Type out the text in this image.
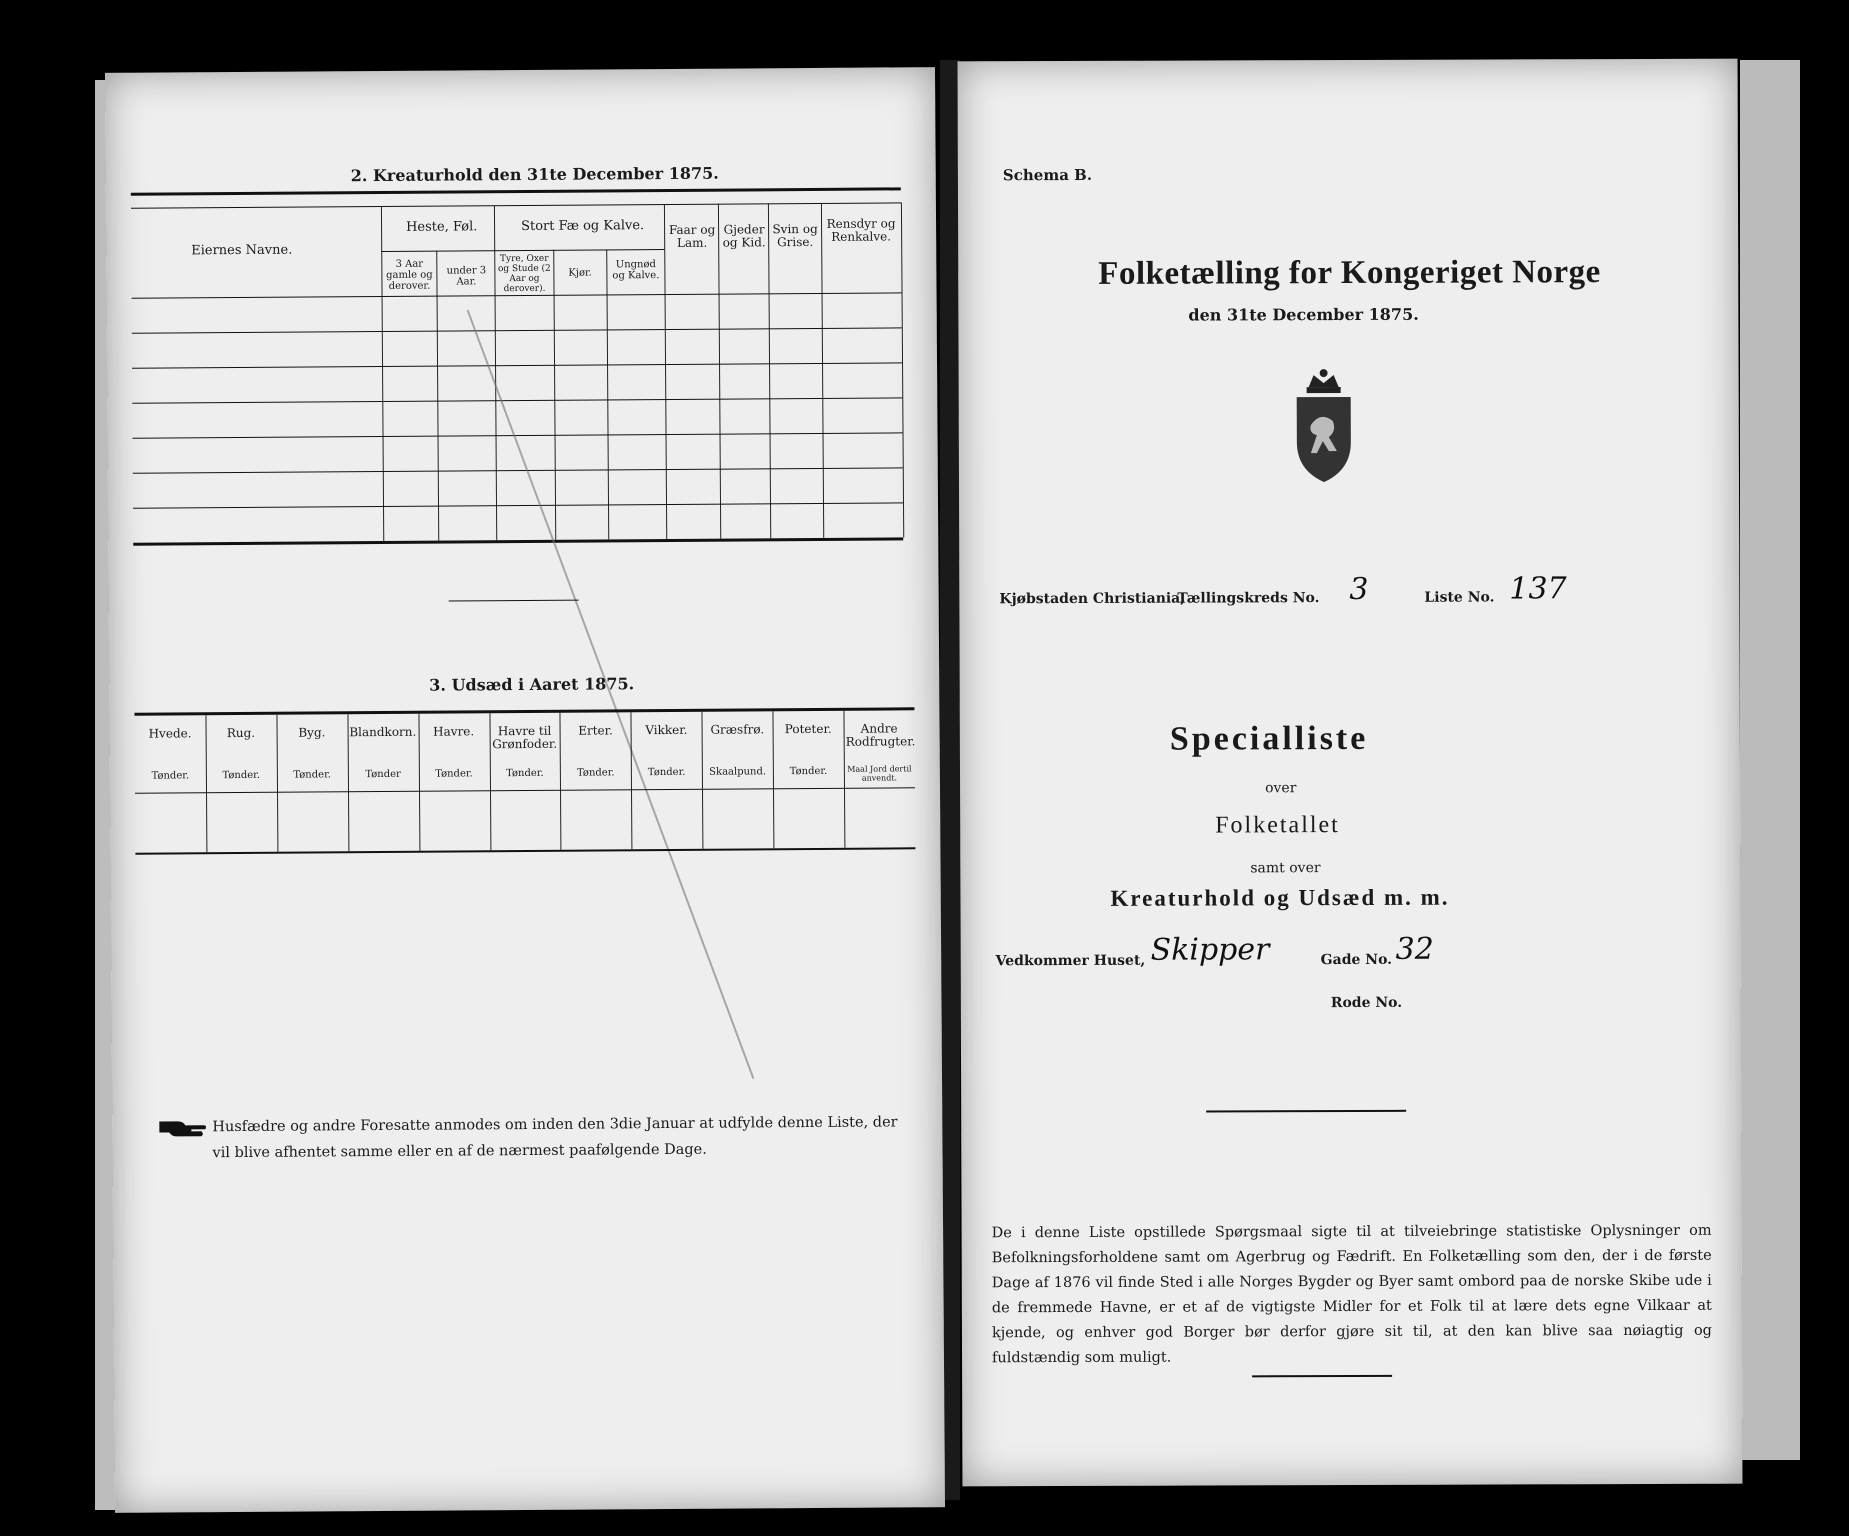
2. Kreaturhold den 31te December 1875.
Eiernes Navne.
Heste, Føl.
3 Aar gamle og derover.
under 3 Aar.
Stort Fæ og Kalve.
Tyre, Oxer og Stude (2 Aar og derover).
Kjør.
Ungnød og Kalve.
Faar og Lam.
Gjeder og Kid.
Svin og Grise.
Rensdyr og Renkalve.
3. Udsæd i Aaret 1875.
Hvede.
Tønder.
Rug.
Tønder.
Byg.
Tønder.
Blandkorn.
Tønder
Havre.
Tønder.
Havre til Grønfoder.
Tønder.
Erter.
Tønder.
Vikker.
Tønder.
Græsfrø.
Skaalpund.
Poteter.
Tønder.
Andre Rodfrugter.
Maal Jord dertil anvendt.
Husfædre og andre Foresatte anmodes om inden den 3die Januar at udfylde denne Liste, der vil blive afhentet samme eller en af de nærmest paafølgende Dage.
Schema B.
Folketælling for Kongeriget Norge
den 31te December 1875.
Kjøbstaden Christiania,
Tællingskreds No. 3	Liste No. 137
Specialliste
over
Folketallet
samt over
Kreaturhold og Udsæd m. m.
Vedkommer Huset, Skipper	Gade No. 32
Rode No.
De i denne Liste opstillede Spørgsmaal sigte til at tilveiebringe statistiske Oplysninger om Befolkningsforholdene samt om Agerbrug og Fædrift. En Folketælling som den, der i de første Dage af 1876 vil finde Sted i alle Norges Bygder og Byer samt ombord paa de norske Skibe ude i de fremmede Havne, er et af de vigtigste Midler for et Folk til at lære dets egne Vilkaar at kjende, og enhver god Borger bør derfor gjøre sit til, at den kan blive saa nøiagtig og fuldstændig som muligt.
